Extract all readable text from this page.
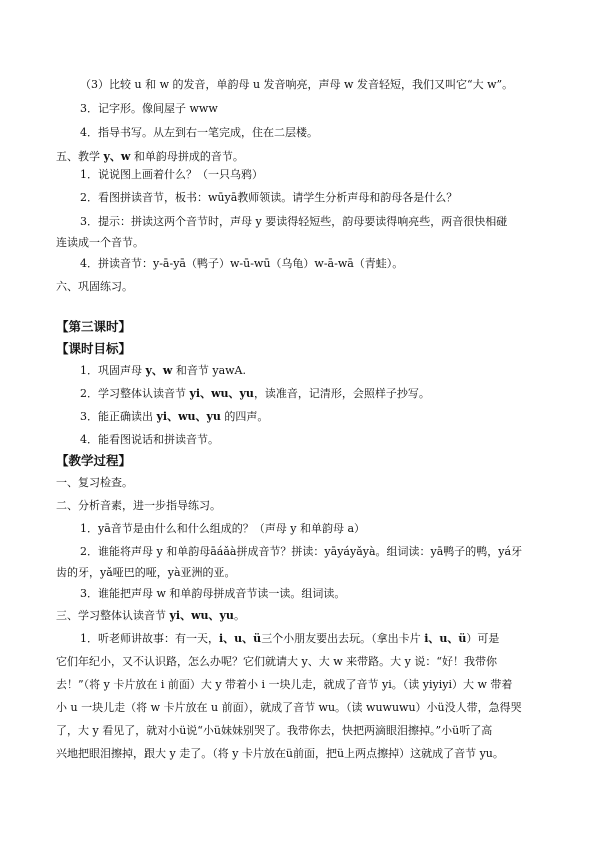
（3）比较 u 和 w 的发音，单韵母 u 发音响亮，声母 w 发音轻短，我们又叫它“大 w”。

3．记字形。像间屋子 www

4．指导书写。从左到右一笔完成，住在二层楼。

五、教学 y、w 和单韵母拼成的音节。

1．说说图上画着什么？（一只乌鸦）

2．看图拼读音节，板书：wūyā教师领读。请学生分析声母和韵母各是什么？

3．提示：拼读这两个音节时，声母 y 要读得轻短些，韵母要读得响亮些，两音很快相碰

连读成一个音节。

4．拼读音节：y-ā-yā（鸭子）w-ū-wū（乌龟）w-ā-wā（青蛙）。

六、巩固练习。

【第三课时】

【课时目标】

1．巩固声母 y、w 和音节 yawA.

2．学习整体认读音节 yi、wu、yu，读准音，记清形，会照样子抄写。

3．能正确读出 yi、wu、yu 的四声。

4．能看图说话和拼读音节。

【教学过程】

一、复习检查。

二、分析音素，进一步指导练习。

1．yā音节是由什么和什么组成的？（声母 y 和单韵母 a）

2．谁能将声母 y 和单韵母āáǎà拼成音节？拼读：yāyáyǎyà。组词读：yā鸭子的鸭，yá牙

齿的牙，yǎ哑巴的哑，yà亚洲的亚。

3．谁能把声母 w 和单韵母拼成音节读一读。组词读。

三、学习整体认读音节 yi、wu、yu。

1．听老师讲故事：有一天，i、u、ü三个小朋友要出去玩。（拿出卡片 i、u、ü）可是

它们年纪小，又不认识路，怎么办呢？它们就请大 y、大 w 来带路。大 y 说：“好！我带你

去！”（将 y 卡片放在 i 前面）大 y 带着小 i 一块儿走，就成了音节 yi。（读 yiyiyi）大 w 带着

小 u 一块儿走（将 w 卡片放在 u 前面），就成了音节 wu。（读 wuwuwu）小ü没人带，急得哭

了，大 y 看见了，就对小ü说“小ü妹妹别哭了。我带你去，快把两滴眼泪擦掉。”小ü听了高

兴地把眼泪擦掉，跟大 y 走了。（将 y 卡片放在ü前面，把ü上两点擦掉）这就成了音节 yu。
